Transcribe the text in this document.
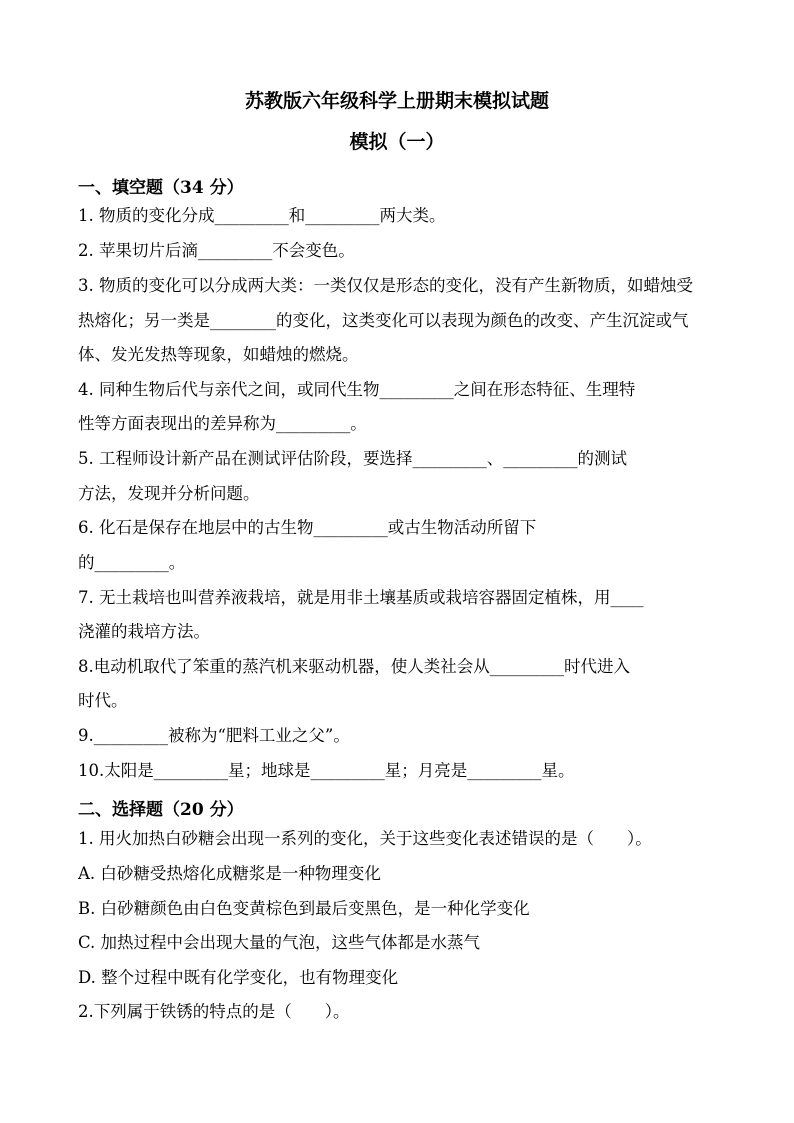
苏教版六年级科学上册期末模拟试题
模拟（一）
一、填空题（34 分）
1. 物质的变化分成_________和_________两大类。
2. 苹果切片后滴_________不会变色。
3. 物质的变化可以分成两大类：一类仅仅是形态的变化，没有产生新物质，如蜡烛受
热熔化；另一类是________的变化，这类变化可以表现为颜色的改变、产生沉淀或气
体、发光发热等现象，如蜡烛的燃烧。
4. 同种生物后代与亲代之间，或同代生物_________之间在形态特征、生理特
性等方面表现出的差异称为_________。
5. 工程师设计新产品在测试评估阶段，要选择_________、_________的测试
方法，发现并分析问题。
6. 化石是保存在地层中的古生物_________或古生物活动所留下
的_________。
7. 无土栽培也叫营养液栽培，就是用非土壤基质或栽培容器固定植株，用____
浇灌的栽培方法。
8.电动机取代了笨重的蒸汽机来驱动机器，使人类社会从_________时代进入
时代。
9._________被称为“肥料工业之父”。
10.太阳是_________星；地球是_________星；月亮是_________星。
二、选择题（20 分）
1. 用火加热白砂糖会出现一系列的变化，关于这些变化表述错误的是（　　）。
A. 白砂糖受热熔化成糖浆是一种物理变化
B. 白砂糖颜色由白色变黄棕色到最后变黑色，是一种化学变化
C. 加热过程中会出现大量的气泡，这些气体都是水蒸气
D. 整个过程中既有化学变化，也有物理变化
2.下列属于铁锈的特点的是（　　）。
